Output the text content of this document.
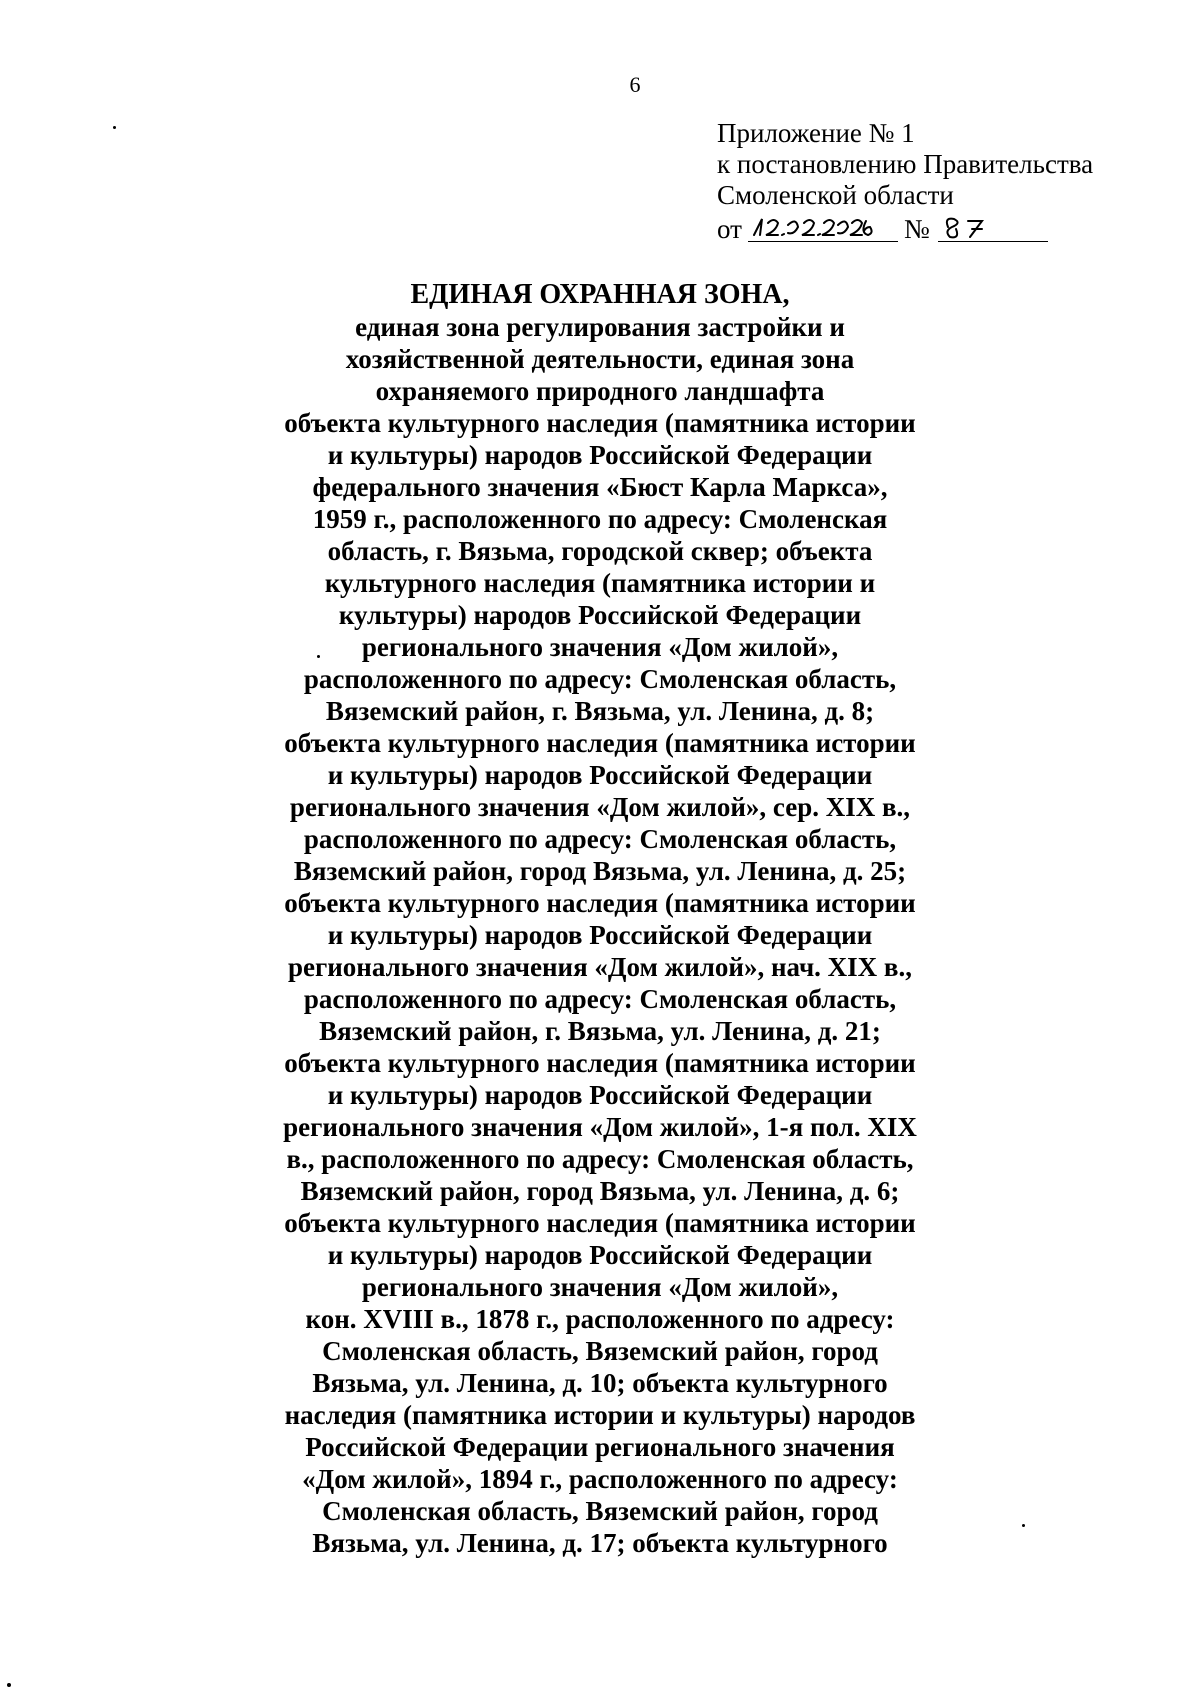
6
Приложение № 1
к постановлению Правительства
Смоленской области
от	№
ЕДИНАЯ ОХРАННАЯ ЗОНА,
единая зона регулирования застройки и
хозяйственной деятельности, единая зона
охраняемого природного ландшафта
объекта культурного наследия (памятника истории
и культуры) народов Российской Федерации
федерального значения «Бюст Карла Маркса»,
1959 г., расположенного по адресу: Смоленская
область, г. Вязьма, городской сквер; объекта
культурного наследия (памятника истории и
культуры) народов Российской Федерации
регионального значения «Дом жилой»,
расположенного по адресу: Смоленская область,
Вяземский район, г. Вязьма, ул. Ленина, д. 8;
объекта культурного наследия (памятника истории
и культуры) народов Российской Федерации
регионального значения «Дом жилой», сер. XIX в.,
расположенного по адресу: Смоленская область,
Вяземский район, город Вязьма, ул. Ленина, д. 25;
объекта культурного наследия (памятника истории
и культуры) народов Российской Федерации
регионального значения «Дом жилой», нач. XIX в.,
расположенного по адресу: Смоленская область,
Вяземский район, г. Вязьма, ул. Ленина, д. 21;
объекта культурного наследия (памятника истории
и культуры) народов Российской Федерации
регионального значения «Дом жилой», 1-я пол. XIX
в., расположенного по адресу: Смоленская область,
Вяземский район, город Вязьма, ул. Ленина, д. 6;
объекта культурного наследия (памятника истории
и культуры) народов Российской Федерации
регионального значения «Дом жилой»,
кон. XVIII в., 1878 г., расположенного по адресу:
Смоленская область, Вяземский район, город
Вязьма, ул. Ленина, д. 10; объекта культурного
наследия (памятника истории и культуры) народов
Российской Федерации регионального значения
«Дом жилой», 1894 г., расположенного по адресу:
Смоленская область, Вяземский район, город
Вязьма, ул. Ленина, д. 17; объекта культурного
